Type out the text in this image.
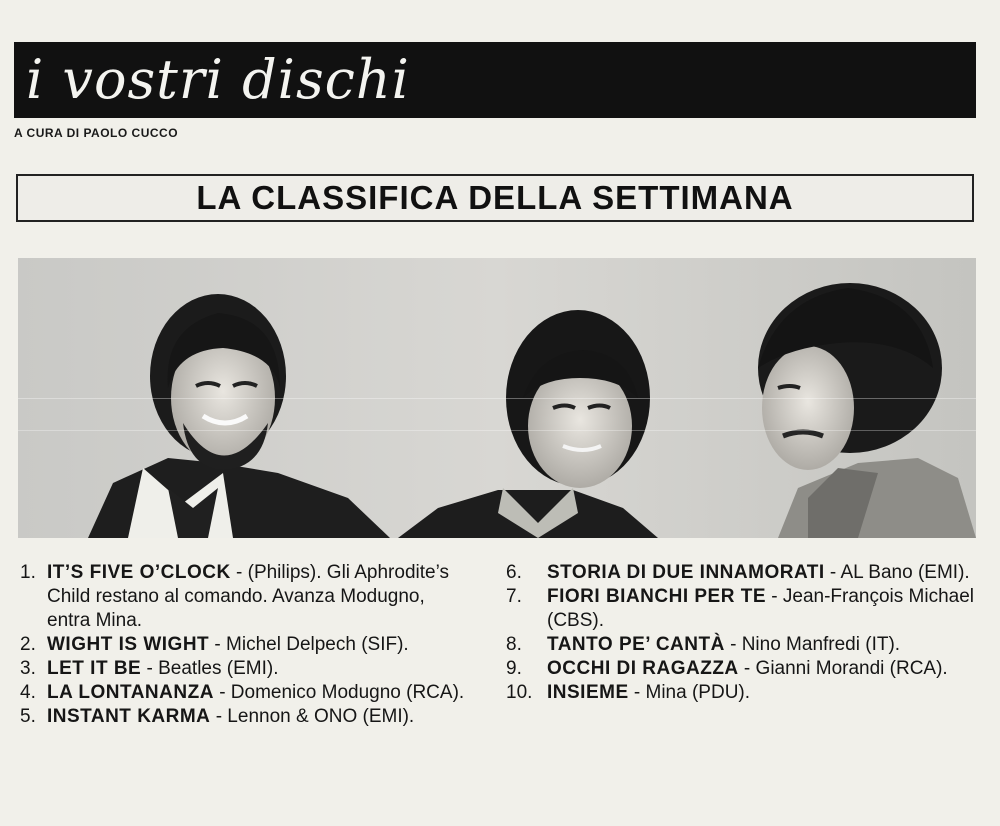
i vostri dischi
A CURA DI PAOLO CUCCO
LA CLASSIFICA DELLA SETTIMANA
1. IT’S FIVE O’CLOCK - (Philips). Gli Aphrodite’s Child restano al comando. Avanza Modugno, entra Mina.
2. WIGHT IS WIGHT - Michel Delpech (SIF).
3. LET IT BE - Beatles (EMI).
4. LA LONTANANZA - Domenico Modugno (RCA).
5. INSTANT KARMA - Lennon & ONO (EMI).
6. STORIA DI DUE INNAMORATI - AL Bano (EMI).
7. FIORI BIANCHI PER TE - Jean-François Michael (CBS).
8. TANTO PE’ CANTÀ - Nino Manfredi (IT).
9. OCCHI DI RAGAZZA - Gianni Morandi (RCA).
10. INSIEME - Mina (PDU).
